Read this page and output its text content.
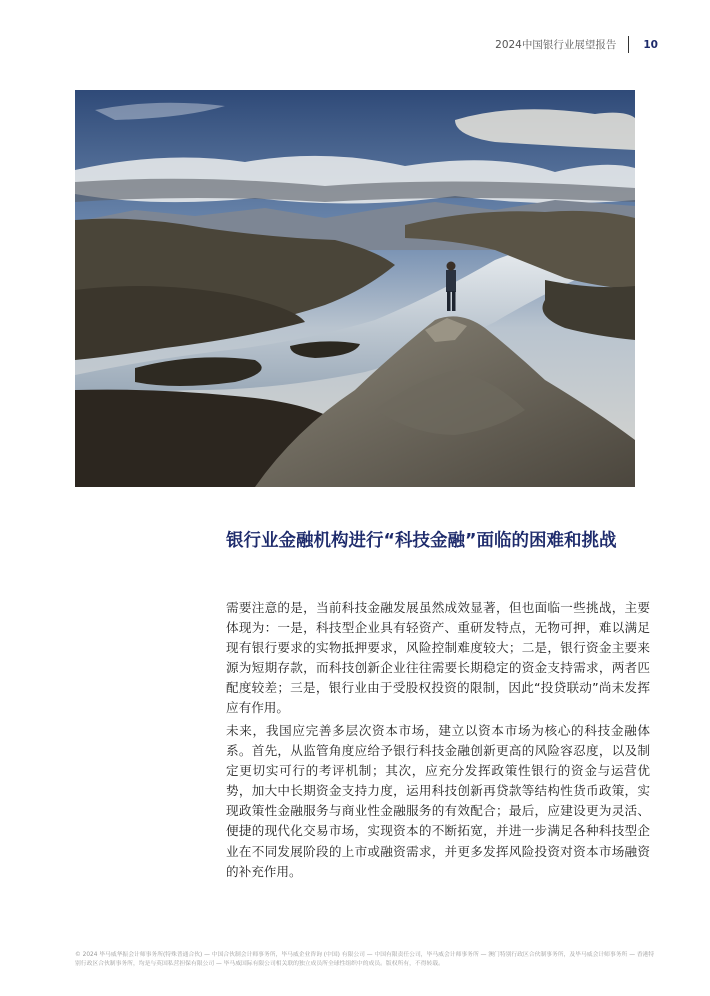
2024中国银行业展望报告	10
银行业金融机构进行“科技金融”面临的困难和挑战

需要注意的是，当前科技金融发展虽然成效显著，但也面临一些挑战，主要体现为：一是，科技型企业具有轻资产、重研发特点，无物可押，难以满足现有银行要求的实物抵押要求，风险控制难度较大；二是，银行资金主要来源为短期存款，而科技创新企业往往需要长期稳定的资金支持需求，两者匹配度较差；三是，银行业由于受股权投资的限制，因此“投贷联动”尚未发挥应有作用。

未来，我国应完善多层次资本市场，建立以资本市场为核心的科技金融体系。首先，从监管角度应给予银行科技金融创新更高的风险容忍度，以及制定更切实可行的考评机制；其次，应充分发挥政策性银行的资金与运营优势，加大中长期资金支持力度，运用科技创新再贷款等结构性货币政策，实现政策性金融服务与商业性金融服务的有效配合；最后，应建设更为灵活、便捷的现代化交易市场，实现资本的不断拓宽，并进一步满足各种科技型企业在不同发展阶段的上市或融资需求，并更多发挥风险投资对资本市场融资的补充作用。

© 2024 毕马威华振会计师事务所(特殊普通合伙) — 中国合伙制会计师事务所，毕马威企业咨询 (中国) 有限公司 — 中国有限责任公司，毕马威会计师事务所 — 澳门特别行政区合伙制事务所，及毕马威会计师事务所 — 香港特别行政区合伙制事务所，均是与英国私营担保有限公司 — 毕马威国际有限公司相关联的独立成员所全球性组织中的成员。版权所有，不得转载。
